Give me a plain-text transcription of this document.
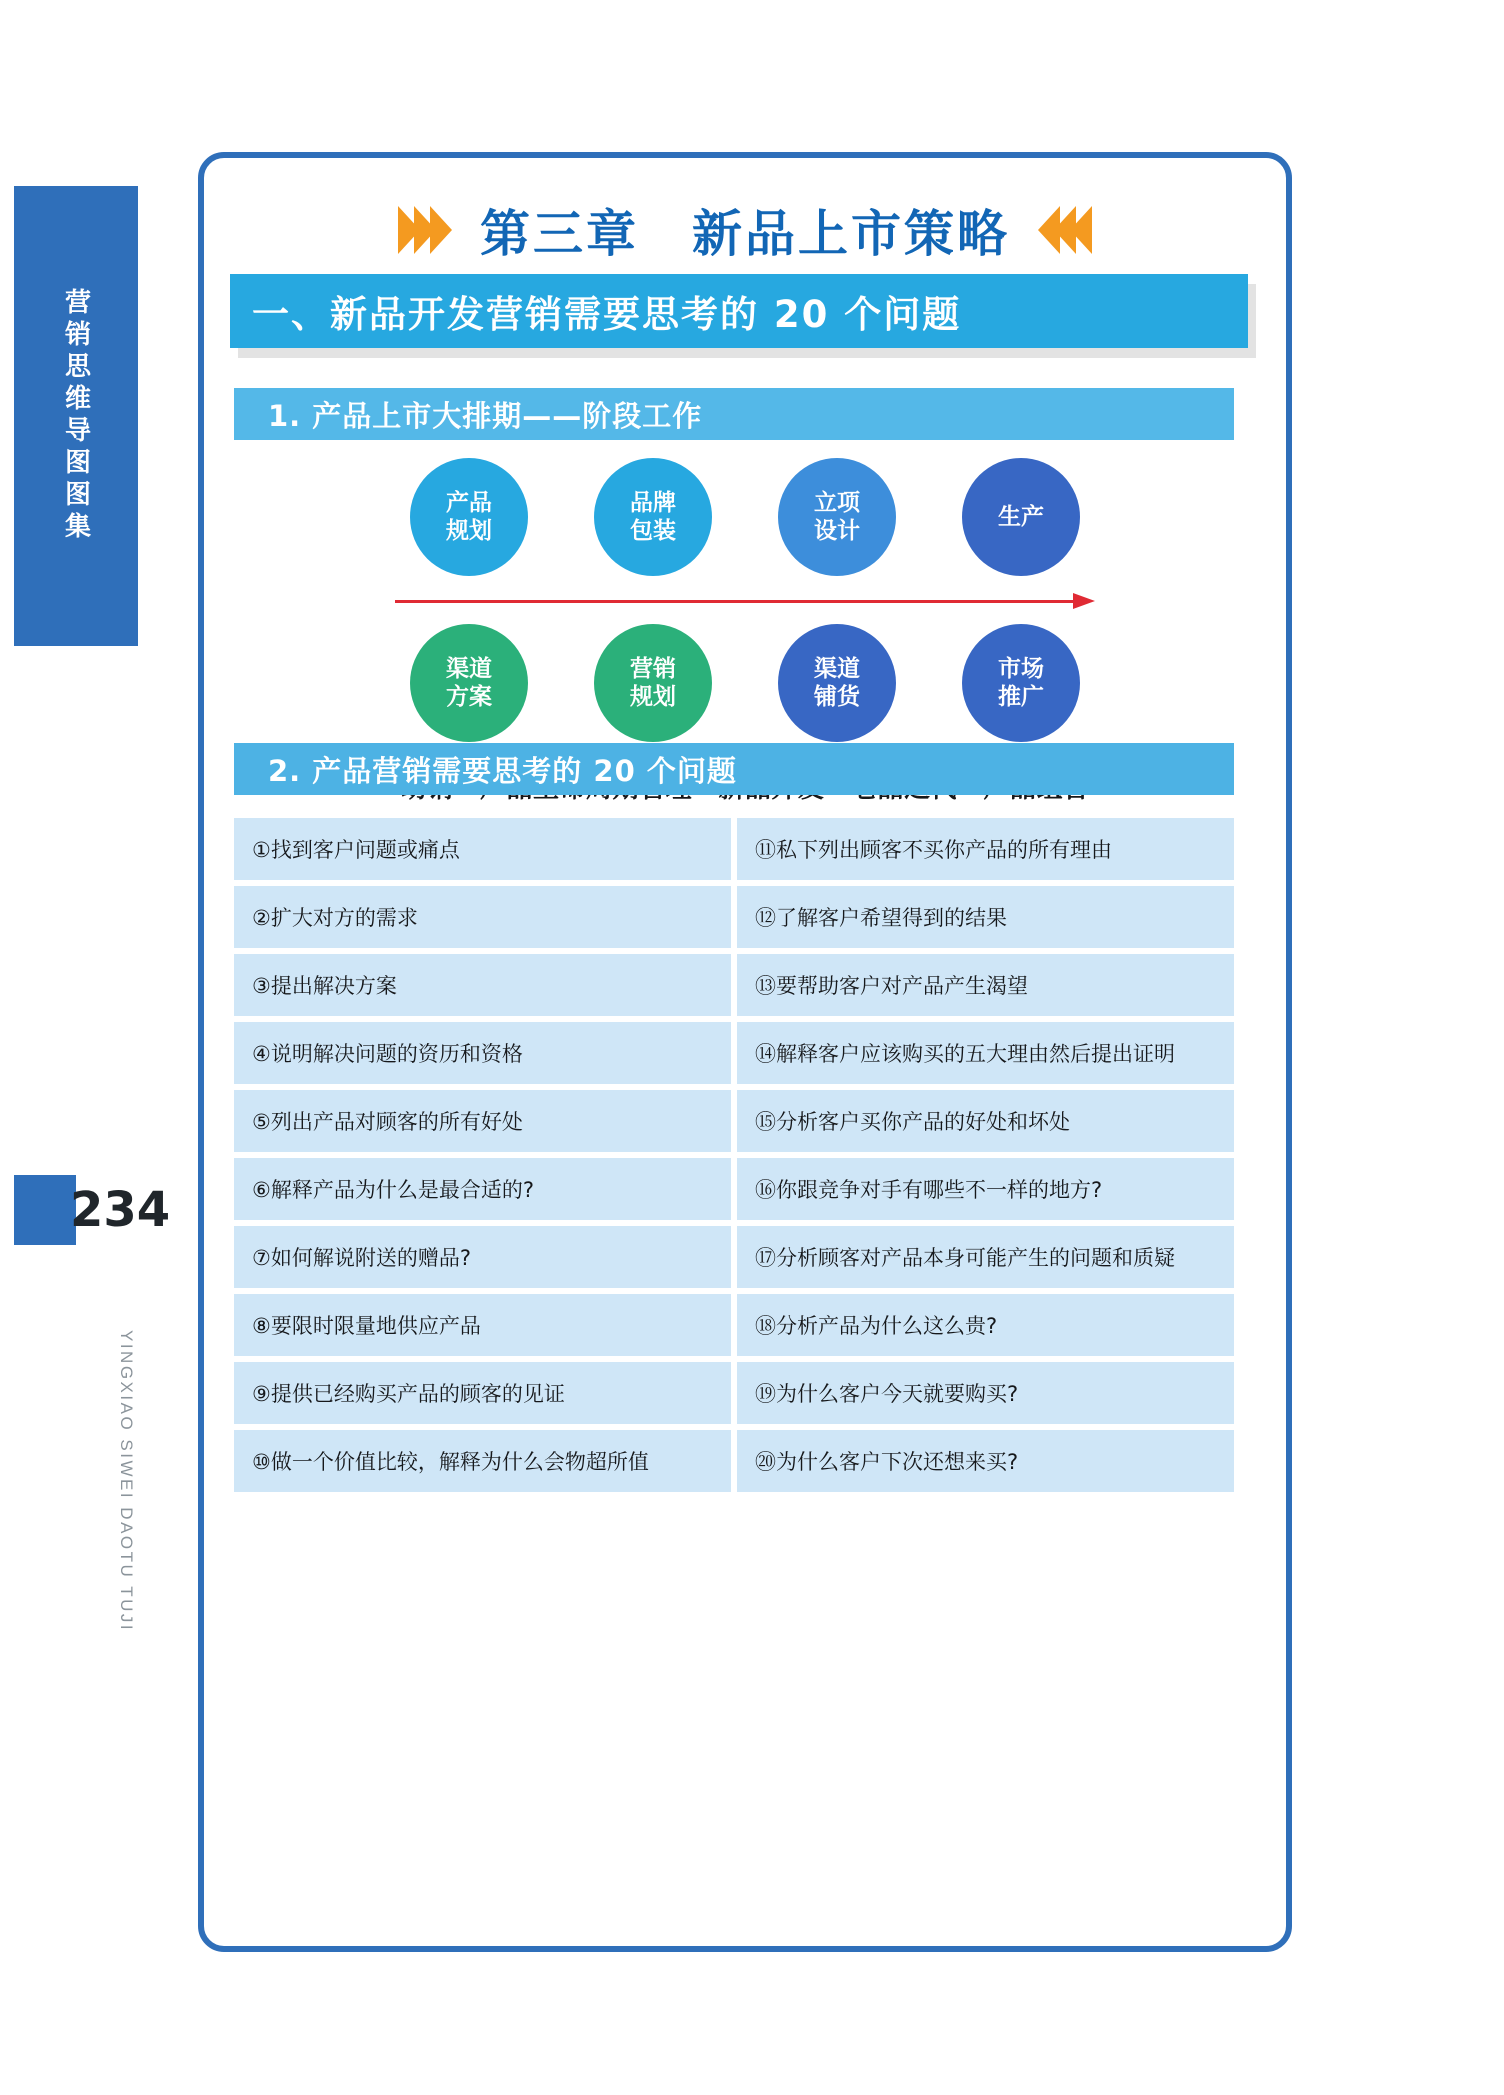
营销思维导图图集
234
YINGXIAO SIWEI DAOTU TUJI
第三章　新品上市策略
一、新品开发营销需要思考的 20 个问题
1. 产品上市大排期——阶段工作
产品
规划
品牌
包装
立项
设计
生产
渠道
方案
营销
规划
渠道
铺货
市场
推广
2. 产品营销需要思考的 20 个问题
①找到客户问题或痛点
②扩大对方的需求
③提出解决方案
④说明解决问题的资历和资格
⑤列出产品对顾客的所有好处
⑥解释产品为什么是最合适的?
⑦如何解说附送的赠品?
⑧要限时限量地供应产品
⑨提供已经购买产品的顾客的见证
⑩做一个价值比较，解释为什么会物超所值
⑪私下列出顾客不买你产品的所有理由
⑫了解客户希望得到的结果
⑬要帮助客户对产品产生渴望
⑭解释客户应该购买的五大理由然后提出证明
⑮分析客户买你产品的好处和坏处
⑯你跟竞争对手有哪些不一样的地方?
⑰分析顾客对产品本身可能产生的问题和质疑
⑱分析产品为什么这么贵?
⑲为什么客户今天就要购买?
⑳为什么客户下次还想来买?
